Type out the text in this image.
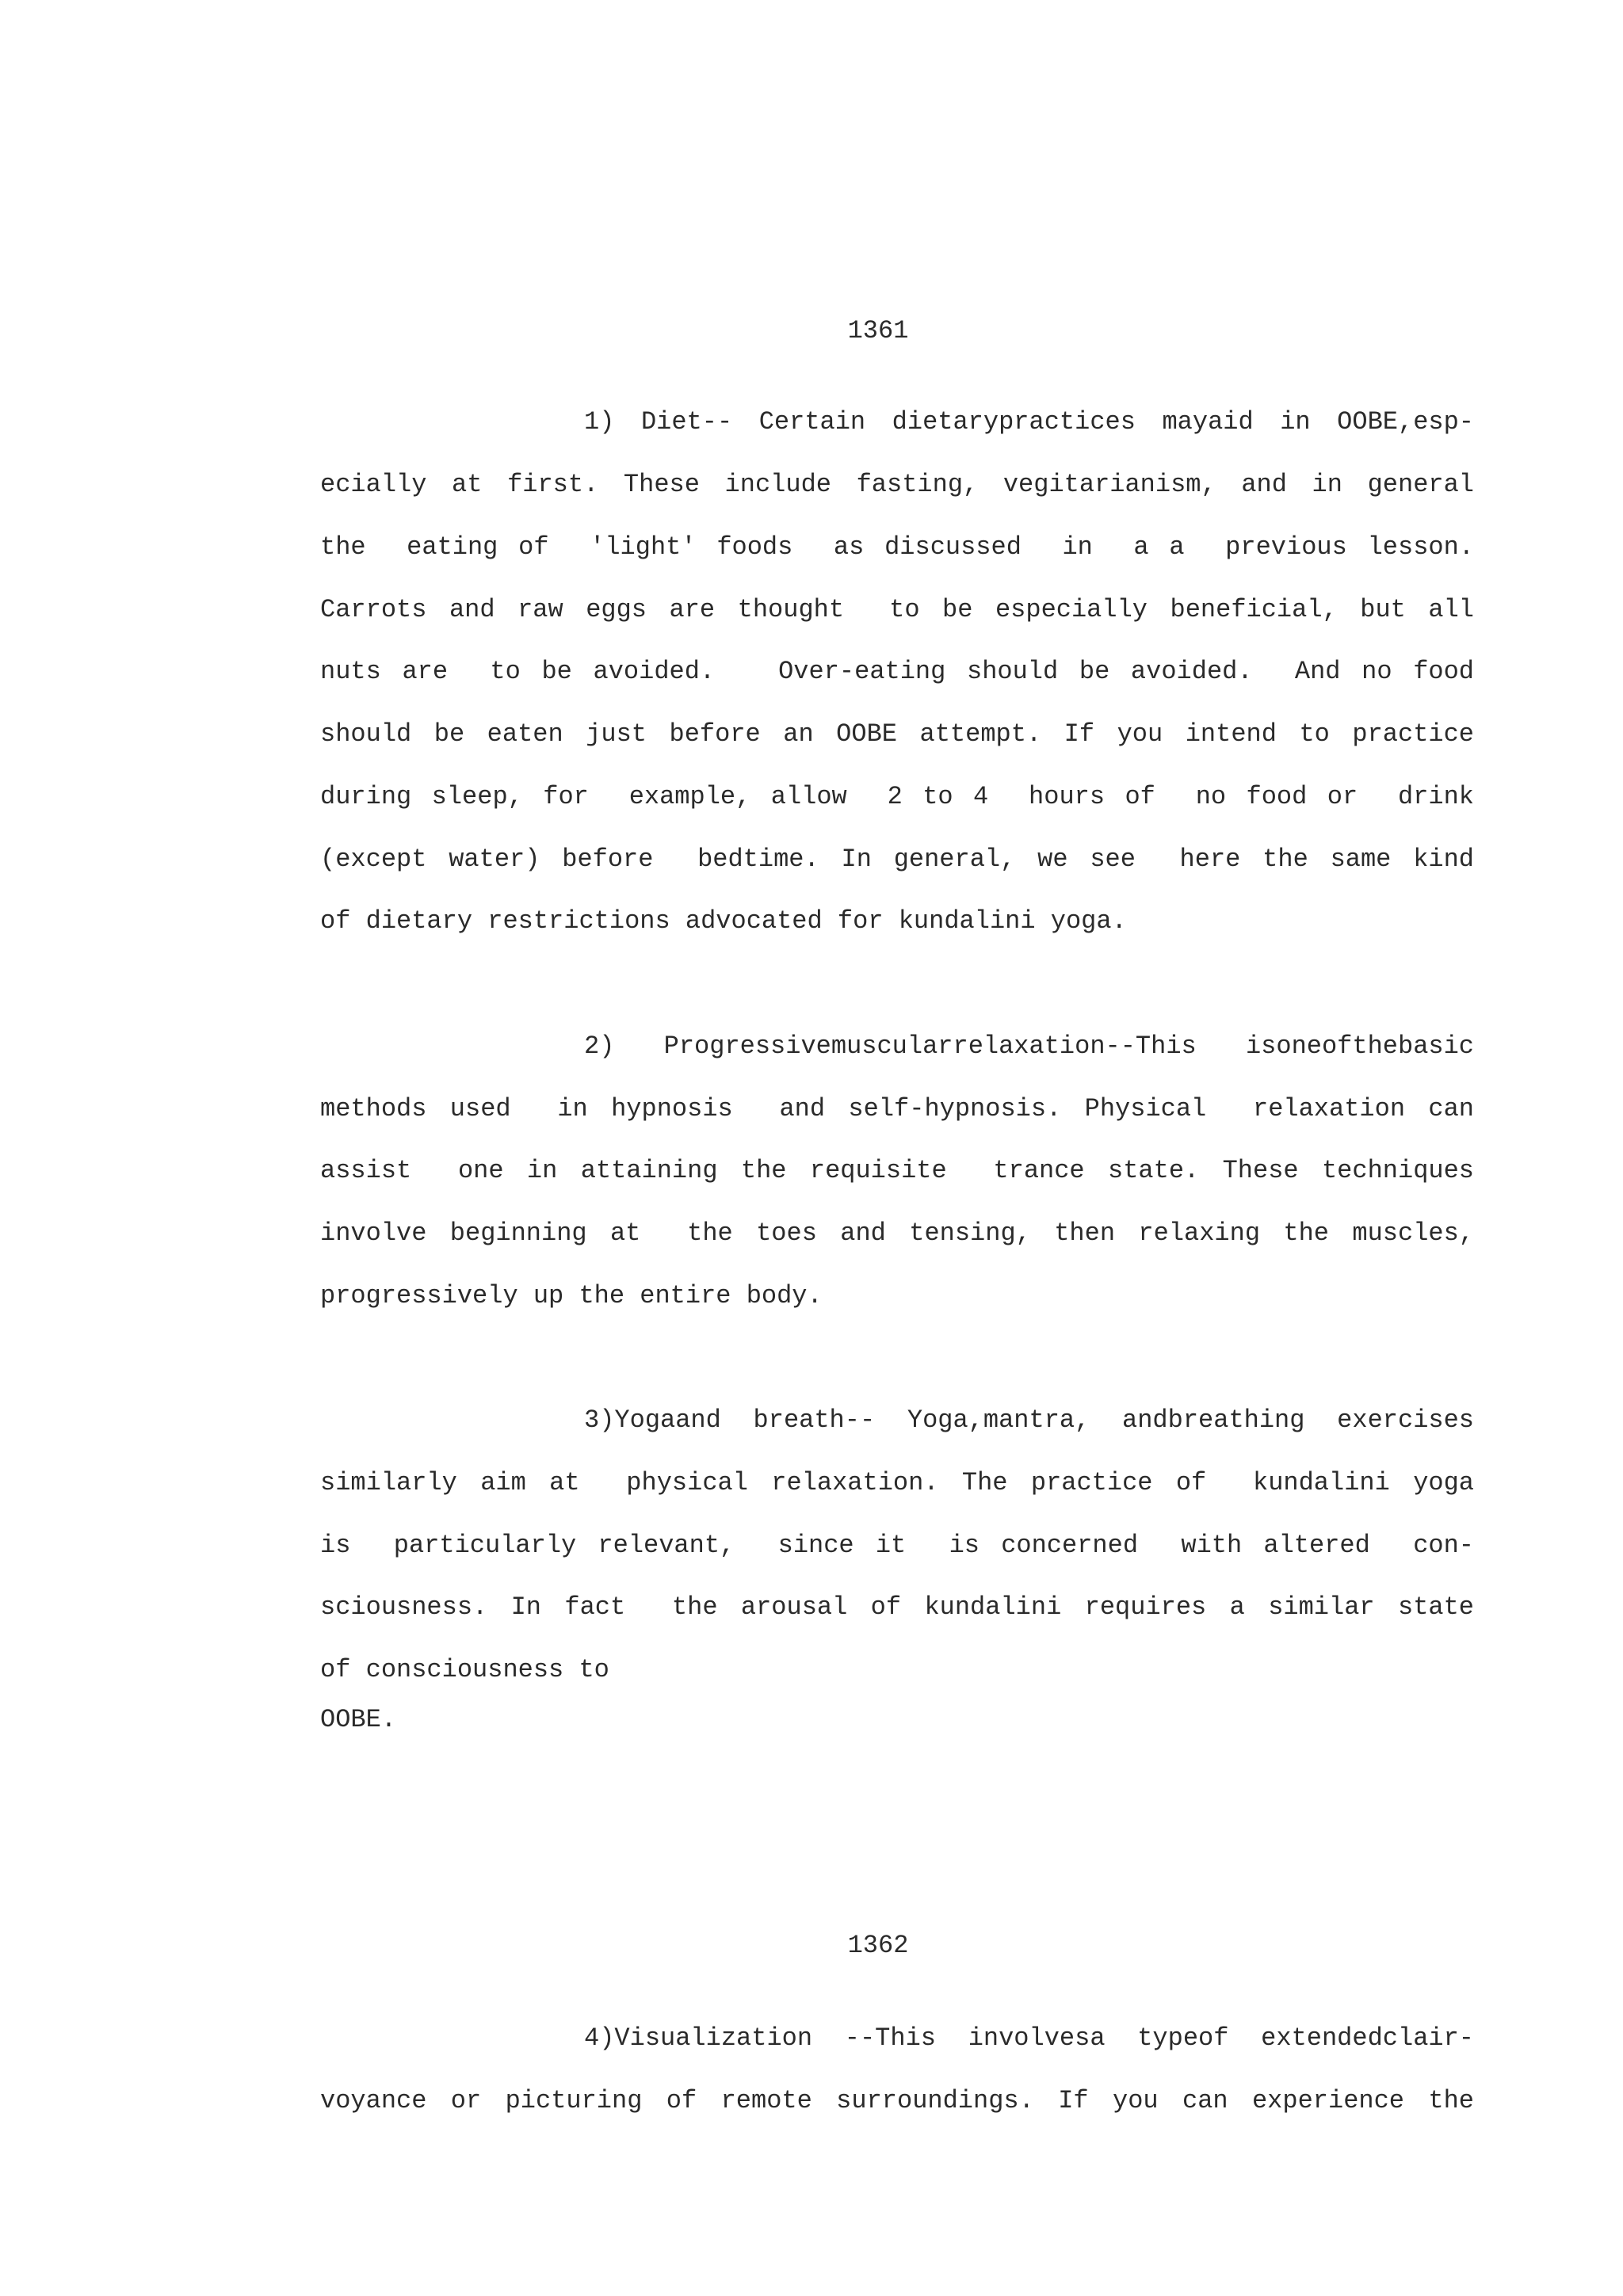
1361
1) Diet-- Certain dietarypractices mayaid in OOBE,esp-
ecially at first. These include fasting, vegitarianism, and in general
the  eating of  'light' foods  as discussed  in  a a  previous lesson.
Carrots and raw eggs are thought  to be especially beneficial, but all
nuts are  to be avoided.   Over-eating should be avoided.  And no food
should be eaten just before an OOBE attempt. If you intend to practice
during sleep, for  example, allow  2 to 4  hours of  no food or  drink
(except water) before  bedtime. In general, we see  here the same kind
of dietary restrictions advocated for kundalini yoga.
2) Progressivemuscularrelaxation--This isoneofthebasic
methods used  in hypnosis  and self-hypnosis. Physical  relaxation can
assist  one in attaining the requisite  trance state. These techniques
involve beginning at  the toes and tensing, then relaxing the muscles,
progressively up the entire body.
3)Yogaand breath-- Yoga,mantra, andbreathing exercises
similarly aim at  physical relaxation. The practice of  kundalini yoga
is  particularly relevant,  since it  is concerned  with altered  con-
sciousness. In fact  the arousal of kundalini requires a similar state
of consciousness to
OOBE.
1362
4)Visualization --This involvesa typeof extendedclair-
voyance or picturing of remote surroundings. If you can experience the
